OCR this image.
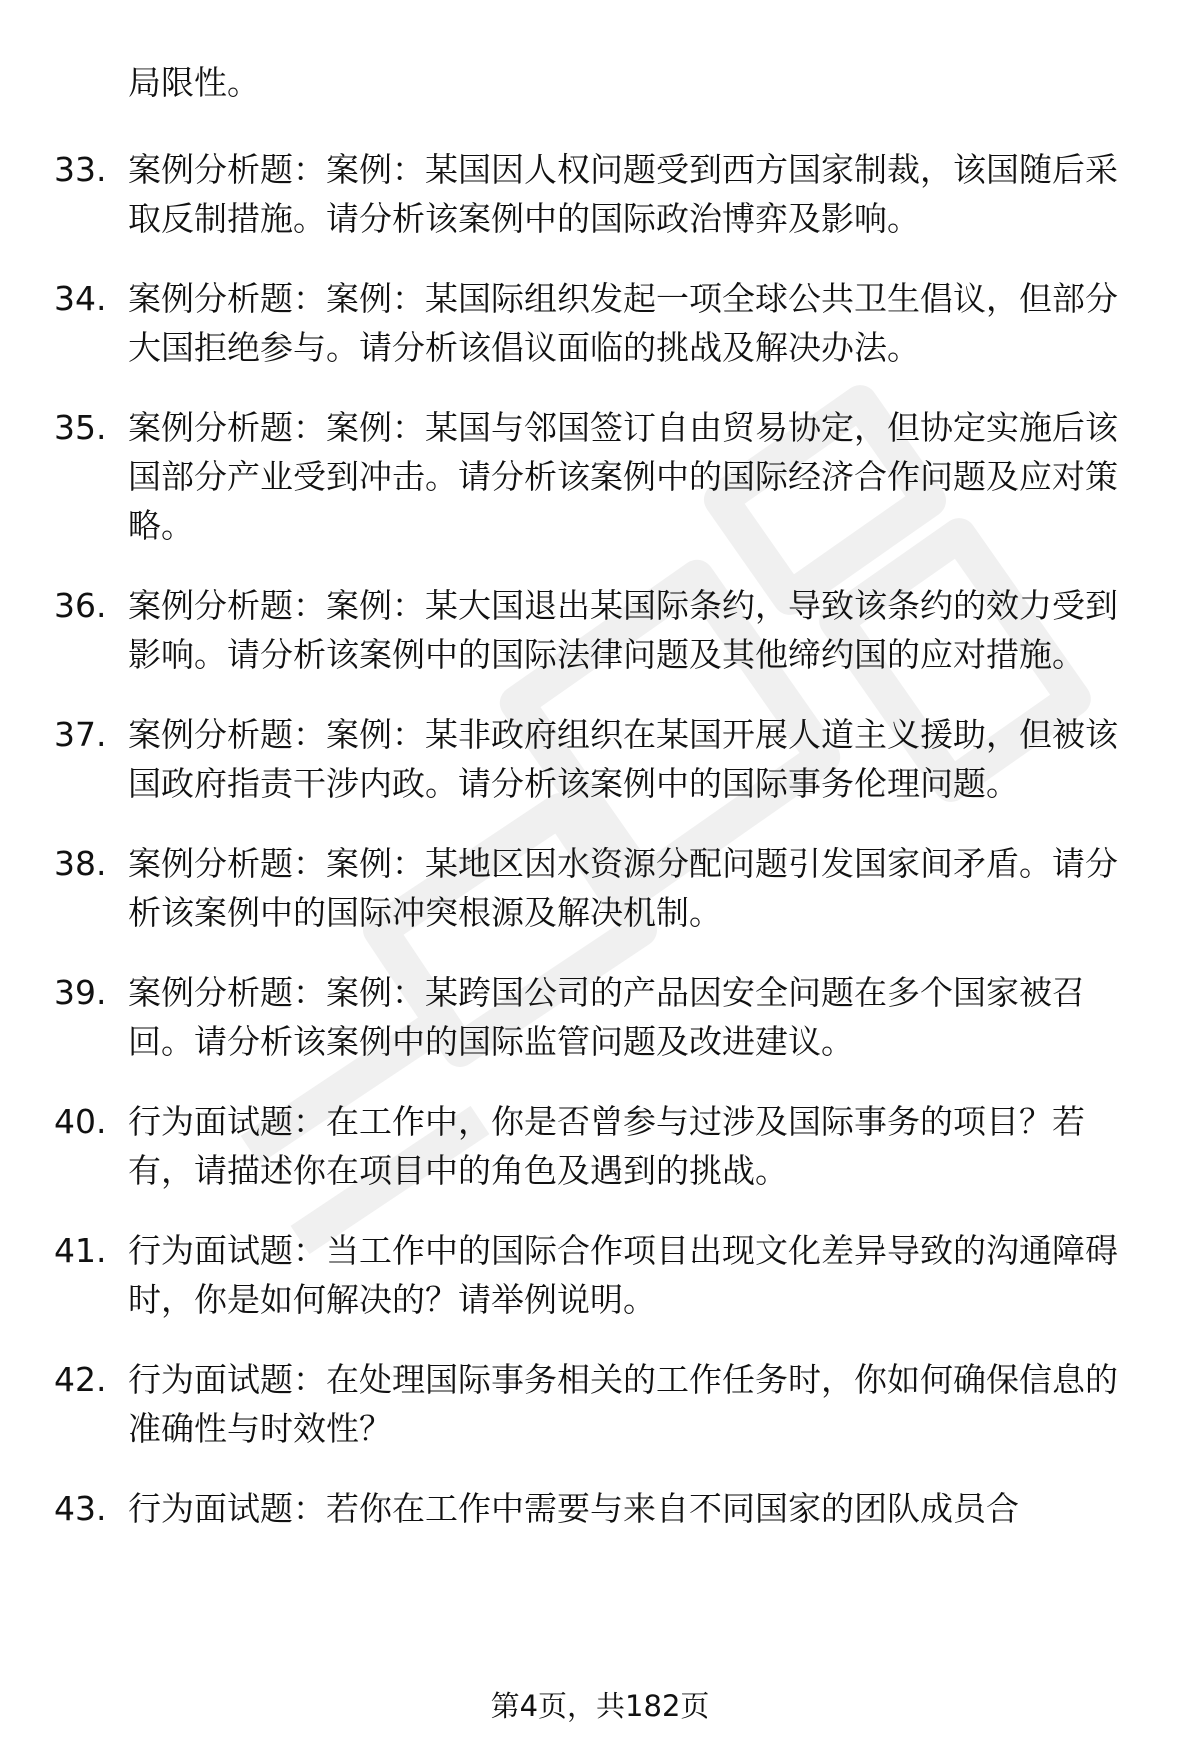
局限性。
33. 案例分析题：案例：某国因人权问题受到西方国家制裁，该国随后采取反制措施。请分析该案例中的国际政治博弈及影响。
34. 案例分析题：案例：某国际组织发起一项全球公共卫生倡议，但部分大国拒绝参与。请分析该倡议面临的挑战及解决办法。
35. 案例分析题：案例：某国与邻国签订自由贸易协定，但协定实施后该国部分产业受到冲击。请分析该案例中的国际经济合作问题及应对策略。
36. 案例分析题：案例：某大国退出某国际条约，导致该条约的效力受到影响。请分析该案例中的国际法律问题及其他缔约国的应对措施。
37. 案例分析题：案例：某非政府组织在某国开展人道主义援助，但被该国政府指责干涉内政。请分析该案例中的国际事务伦理问题。
38. 案例分析题：案例：某地区因水资源分配问题引发国家间矛盾。请分析该案例中的国际冲突根源及解决机制。
39. 案例分析题：案例：某跨国公司的产品因安全问题在多个国家被召回。请分析该案例中的国际监管问题及改进建议。
40. 行为面试题：在工作中，你是否曾参与过涉及国际事务的项目？若有，请描述你在项目中的角色及遇到的挑战。
41. 行为面试题：当工作中的国际合作项目出现文化差异导致的沟通障碍时，你是如何解决的？请举例说明。
42. 行为面试题：在处理国际事务相关的工作任务时，你如何确保信息的准确性与时效性？
43. 行为面试题：若你在工作中需要与来自不同国家的团队成员合
第4页，共182页
